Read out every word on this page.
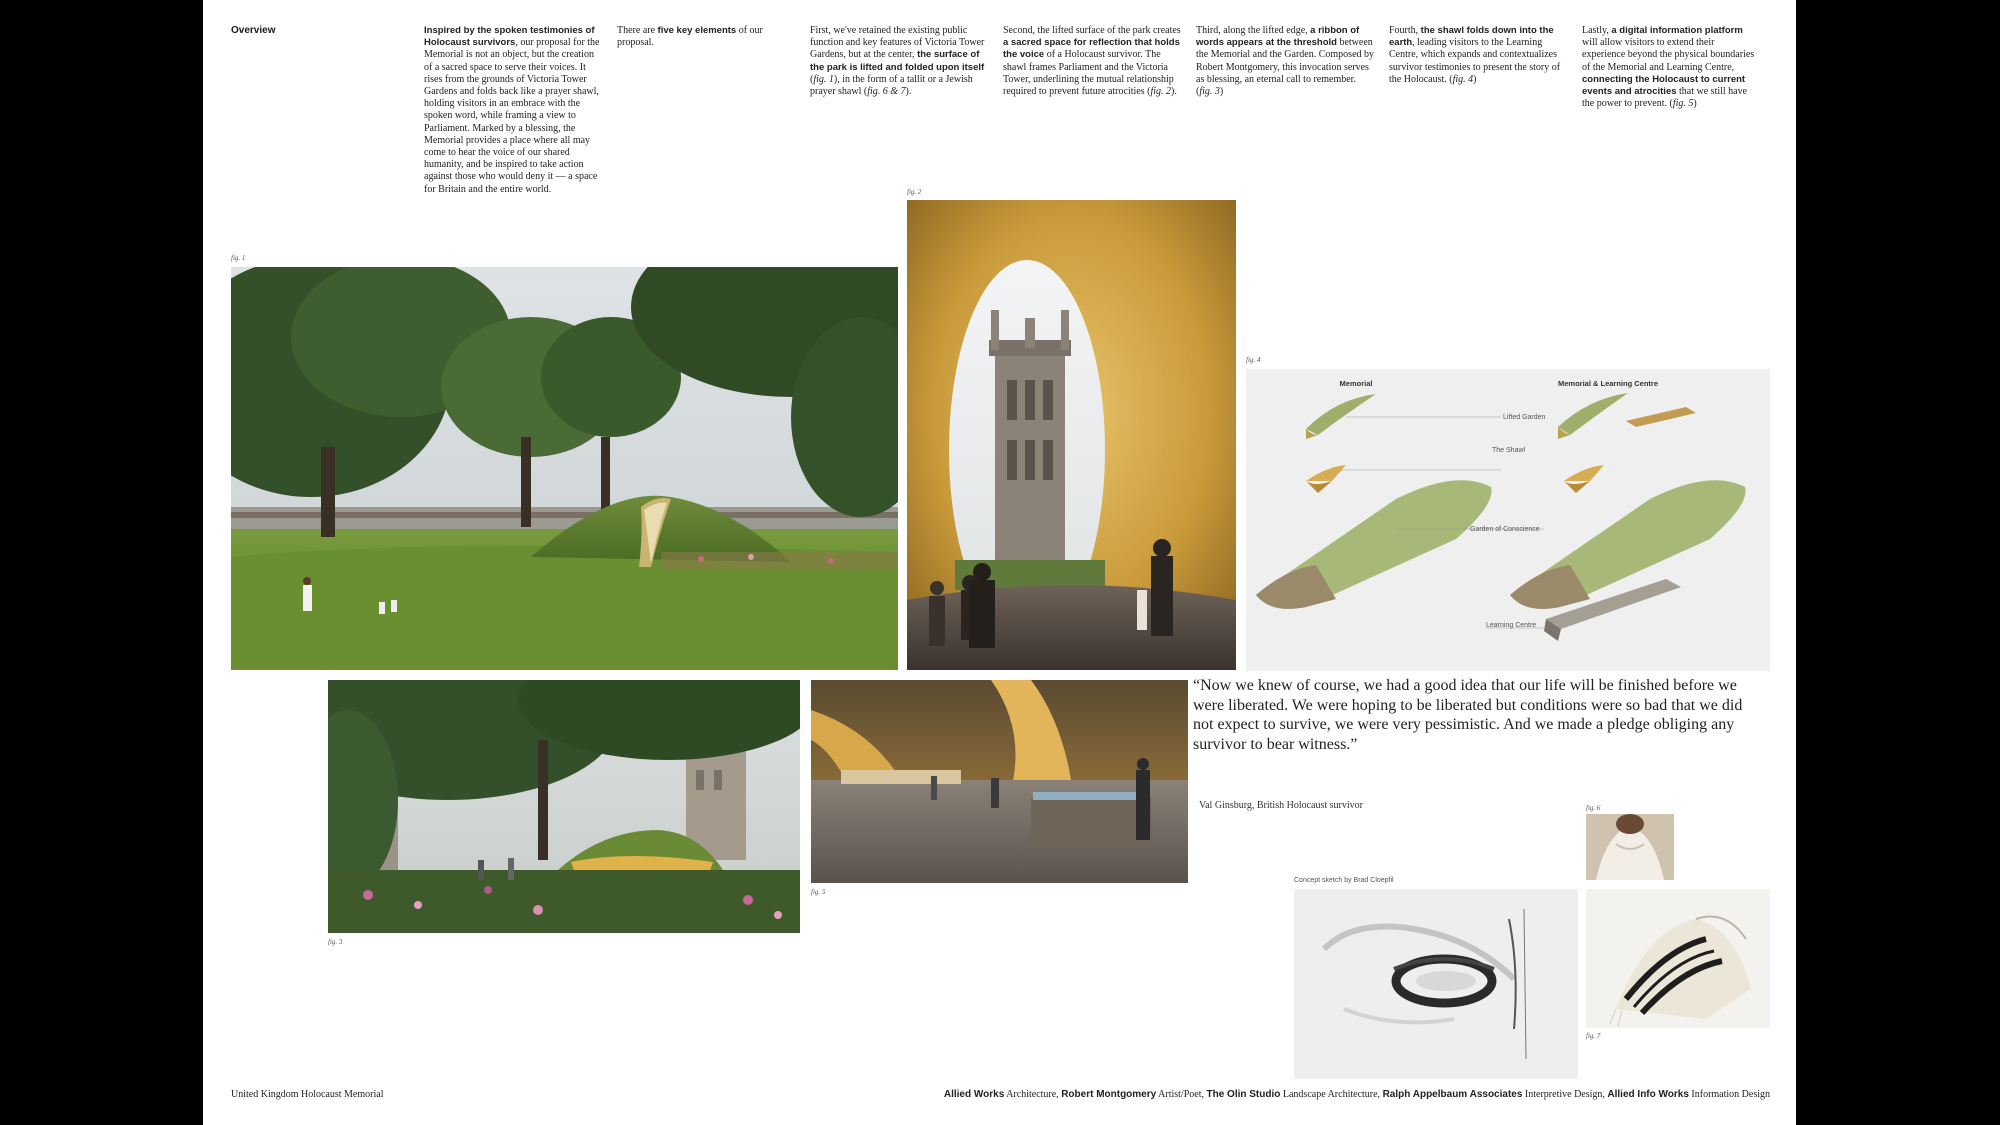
Overview	Inspired by the spoken testimonies of Holocaust survivors, our proposal for the Memorial is not an object, but the creation of a sacred space to serve their voices. It rises from the grounds of Victoria Tower Gardens and folds back like a prayer shawl, holding visitors in an embrace with the spoken word, while framing a view to Parliament. Marked by a blessing, the Memorial provides a place where all may come to hear the voice of our shared humanity, and be inspired to take action against those who would deny it — a space for Britain and the entire world.
There are five key elements of our proposal.
First, we've retained the existing public function and key features of Victoria Tower Gardens, but at the center, the surface of the park is lifted and folded upon itself (fig. 1), in the form of a tallit or a Jewish prayer shawl (fig. 6 & 7).
Second, the lifted surface of the park creates a sacred space for reflection that holds the voice of a Holocaust survivor. The shawl frames Parliament and the Victoria Tower, underlining the mutual relationship required to prevent future atrocities (fig. 2).
Third, along the lifted edge, a ribbon of words appears at the threshold between the Memorial and the Garden. Composed by Robert Montgomery, this invocation serves as blessing, an eternal call to remember. (fig. 3)
Fourth, the shawl folds down into the earth, leading visitors to the Learning Centre, which expands and contextualizes survivor testimonies to present the story of the Holocaust. (fig. 4)
Lastly, a digital information platform will allow visitors to extend their experience beyond the physical boundaries of the Memorial and Learning Centre, connecting the Holocaust to current events and atrocities that we still have the power to prevent. (fig. 5)
fig. 1
fig. 2
fig. 4
Memorial	Memorial & Learning Centre
Lifted Garden
The Shawl
Garden of Conscience
Learning Centre
fig. 3
fig. 5
“Now we knew of course, we had a good idea that our life will be finished before we were liberated. We were hoping to be liberated but conditions were so bad that we did not expect to survive, we were very pessimistic. And we made a pledge obliging any survivor to bear witness.”
Val Ginsburg, British Holocaust survivor
Concept sketch by Brad Cloepfil
fig. 6
fig. 7
United Kingdom Holocaust Memorial	Allied Works Architecture, Robert Montgomery Artist/Poet, The Olin Studio Landscape Architecture, Ralph Appelbaum Associates Interpretive Design, Allied Info Works Information Design
